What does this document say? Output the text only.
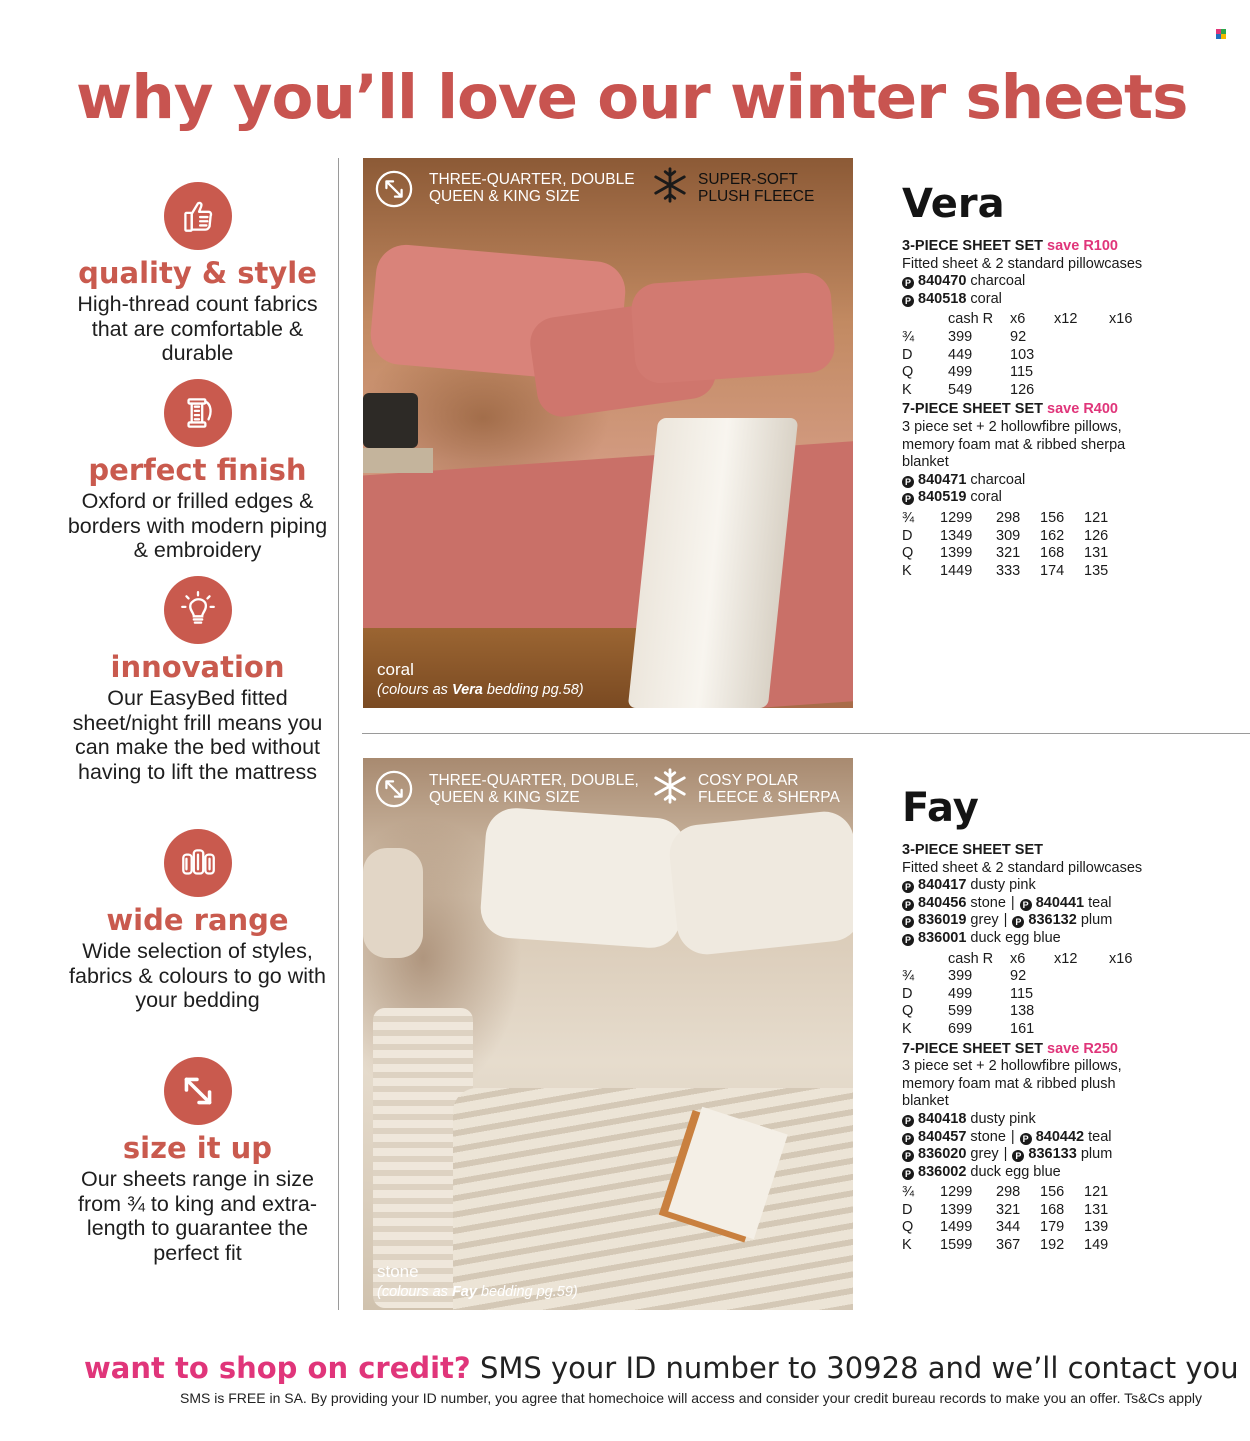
why you’ll love our winter sheets
quality & style

High-thread count fabrics that are comfortable & durable

perfect finish

Oxford or frilled edges & borders with modern piping & embroidery

innovation

Our EasyBed fitted sheet/night frill means you can make the bed without having to lift the mattress

wide range

Wide selection of styles, fabrics & colours to go with your bedding

size it up

Our sheets range in size from ¾ to king and extra-length to guarantee the perfect fit

THREE-QUARTER, DOUBLE
QUEEN & KING SIZE
SUPER-SOFT
PLUSH FLEECE
coral
(colours as Vera bedding pg.58)
THREE-QUARTER, DOUBLE,
QUEEN & KING SIZE
COSY POLAR
FLEECE & SHERPA
stone
(colours as Fay bedding pg.59)
Vera
3-PIECE SHEET SET save R100
Fitted sheet & 2 standard pillowcases
P 840470 charcoal
P 840518 coral
	cash R	x6	x12	x16
¾	399	92		
D	449	103		
Q	499	115		
K	549	126		
7-PIECE SHEET SET save R400
3 piece set + 2 hollowfibre pillows, memory foam mat & ribbed sherpa blanket
P 840471 charcoal
P 840519 coral
¾	1299	298	156	121
D	1349	309	162	126
Q	1399	321	168	131
K	1449	333	174	135
Fay
3-PIECE SHEET SET
Fitted sheet & 2 standard pillowcases
P 840417 dusty pink
P 840456 stone | P 840441 teal
P 836019 grey | P 836132 plum
P 836001 duck egg blue
	cash R	x6	x12	x16
¾	399	92		
D	499	115		
Q	599	138		
K	699	161		
7-PIECE SHEET SET save R250
3 piece set + 2 hollowfibre pillows, memory foam mat & ribbed plush blanket
P 840418 dusty pink
P 840457 stone | P 840442 teal
P 836020 grey | P 836133 plum
P 836002 duck egg blue
¾	1299	298	156	121
D	1399	321	168	131
Q	1499	344	179	139
K	1599	367	192	149
want to shop on credit? SMS your ID number to 30928 and we’ll contact you
SMS is FREE in SA. By providing your ID number, you agree that homechoice will access and consider your credit bureau records to make you an offer. Ts&Cs apply
